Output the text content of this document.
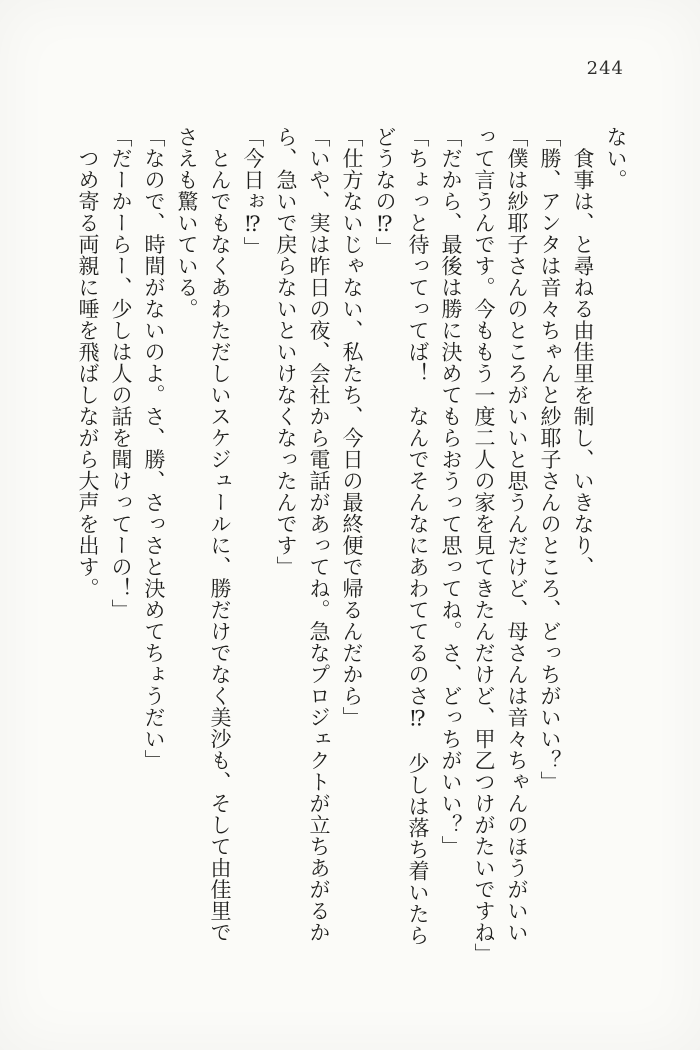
244

ない。

　食事は、と尋ねる由佳里を制し、いきなり、

「勝、アンタは音々ちゃんと紗耶子さんのところ、どっちがいい？」

「僕は紗耶子さんのところがいいと思うんだけど、母さんは音々ちゃんのほうがいい

って言うんです。今ももう一度二人の家を見てきたんだけど、甲乙つけがたいですね」

「だから、最後は勝に決めてもらおうって思ってね。さ、どっちがいい？」

「ちょっと待ってってば！　なんでそんなにあわててるのさ⁉　少しは落ち着いたら

どうなの⁉」

「仕方ないじゃない、私たち、今日の最終便で帰るんだから」

「いや、実は昨日の夜、会社から電話があってね。急なプロジェクトが立ちあがるか

ら、急いで戻らないといけなくなったんです」

「今日ぉ⁉」

　とんでもなくあわただしいスケジュールに、勝だけでなく美沙も、そして由佳里で

さえも驚いている。

「なので、時間がないのよ。さ、勝、さっさと決めてちょうだい」

「だーかーらー、少しは人の話を聞けってーの！」

　つめ寄る両親に唾を飛ばしながら大声を出す。
